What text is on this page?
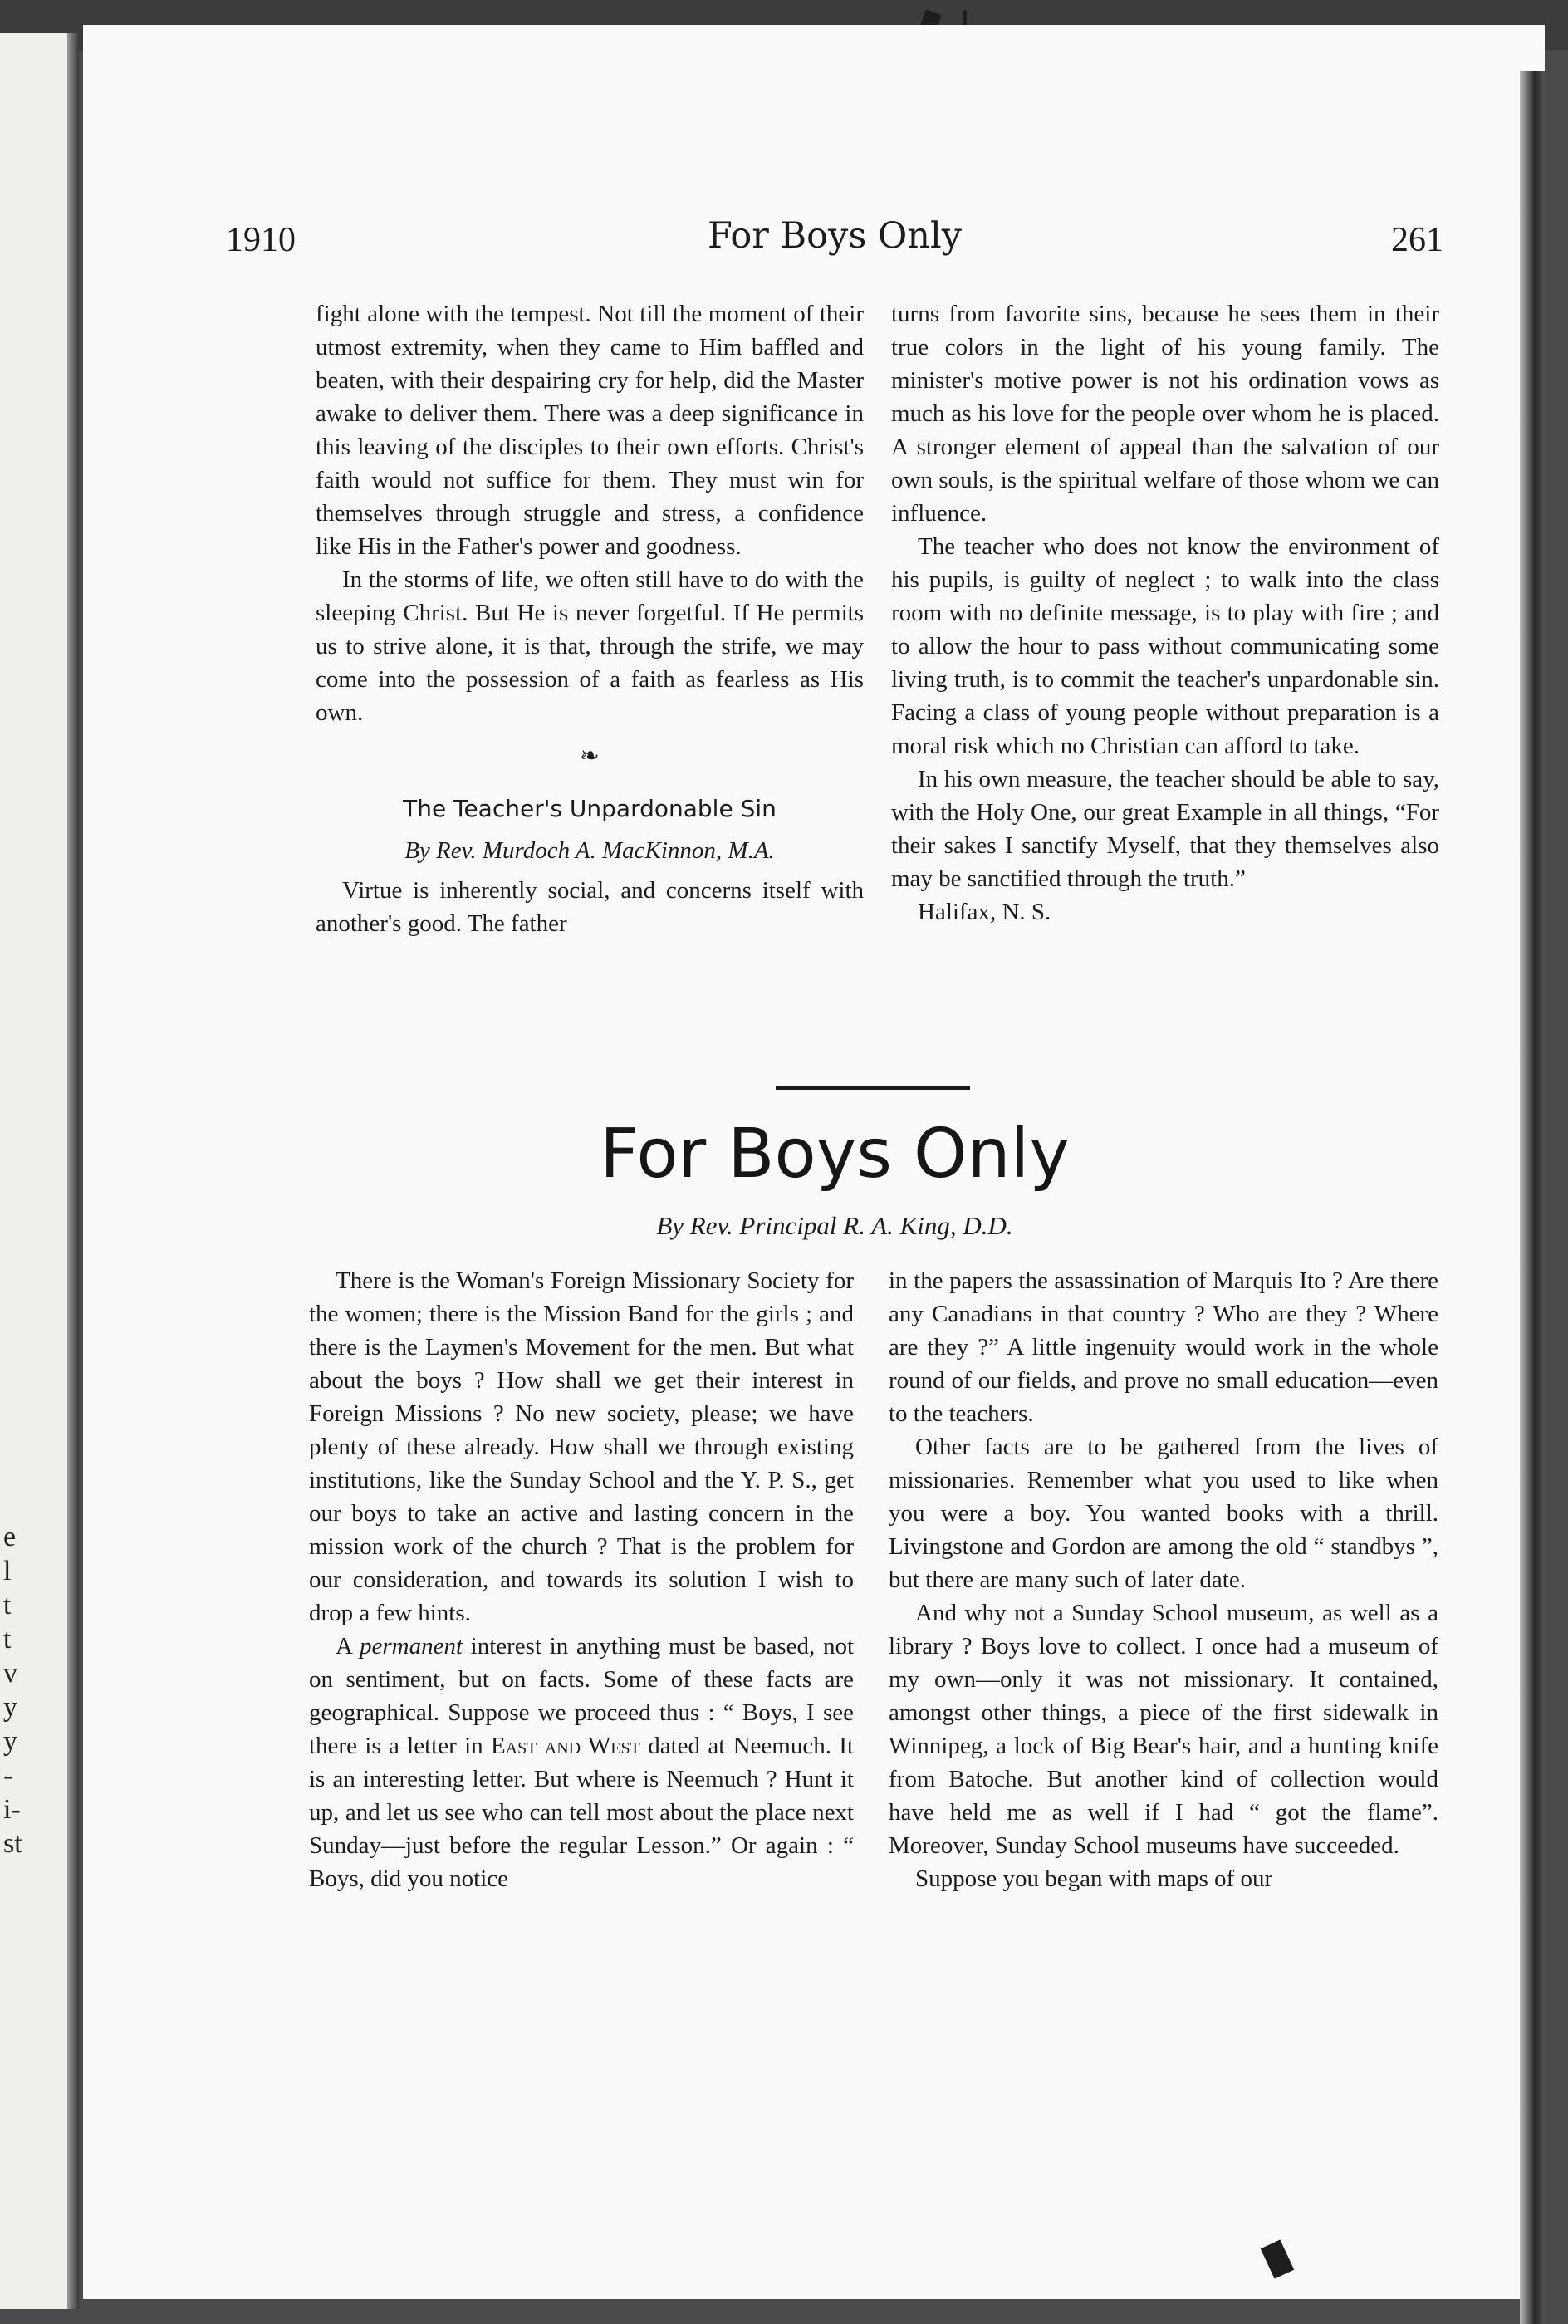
e
l
t
t
v
y
y
-
i-
st
1910	For Boys Only	261

fight alone with the tempest. Not till the moment of their utmost extremity, when they came to Him baffled and beaten, with their despairing cry for help, did the Master awake to deliver them. There was a deep significance in this leaving of the disciples to their own efforts. Christ's faith would not suffice for them. They must win for themselves through struggle and stress, a confidence like His in the Father's power and goodness.

In the storms of life, we often still have to do with the sleeping Christ. But He is never forgetful. If He permits us to strive alone, it is that, through the strife, we may come into the possession of a faith as fearless as His own.

❧
The Teacher's Unpardonable Sin
By Rev. Murdoch A. MacKinnon, M.A.

Virtue is inherently social, and concerns itself with another's good. The father

turns from favorite sins, because he sees them in their true colors in the light of his young family. The minister's motive power is not his ordination vows as much as his love for the people over whom he is placed. A stronger element of appeal than the salvation of our own souls, is the spiritual welfare of those whom we can influence.

The teacher who does not know the environment of his pupils, is guilty of neglect ; to walk into the class room with no definite message, is to play with fire ; and to allow the hour to pass without communicating some living truth, is to commit the teacher's unpardonable sin. Facing a class of young people without preparation is a moral risk which no Christian can afford to take.

In his own measure, the teacher should be able to say, with the Holy One, our great Example in all things, “For their sakes I sanctify Myself, that they themselves also may be sanctified through the truth.”

Halifax, N. S.

For Boys Only
By Rev. Principal R. A. King, D.D.

There is the Woman's Foreign Missionary Society for the women; there is the Mission Band for the girls ; and there is the Laymen's Movement for the men. But what about the boys ? How shall we get their interest in Foreign Missions ? No new society, please; we have plenty of these already. How shall we through existing institutions, like the Sunday School and the Y. P. S., get our boys to take an active and lasting concern in the mission work of the church ? That is the problem for our consideration, and towards its solution I wish to drop a few hints.

A permanent interest in anything must be based, not on sentiment, but on facts. Some of these facts are geographical. Suppose we proceed thus : “ Boys, I see there is a letter in East and West dated at Neemuch. It is an interesting letter. But where is Neemuch ? Hunt it up, and let us see who can tell most about the place next Sunday—just before the regular Lesson.” Or again : “ Boys, did you notice

in the papers the assassination of Marquis Ito ? Are there any Canadians in that country ? Who are they ? Where are they ?” A little ingenuity would work in the whole round of our fields, and prove no small education—even to the teachers.

Other facts are to be gathered from the lives of missionaries. Remember what you used to like when you were a boy. You wanted books with a thrill. Livingstone and Gordon are among the old “ standbys ”, but there are many such of later date.

And why not a Sunday School museum, as well as a library ? Boys love to collect. I once had a museum of my own—only it was not missionary. It contained, amongst other things, a piece of the first sidewalk in Winnipeg, a lock of Big Bear's hair, and a hunting knife from Batoche. But another kind of collection would have held me as well if I had “ got the flame”. Moreover, Sunday School museums have succeeded.

Suppose you began with maps of our
